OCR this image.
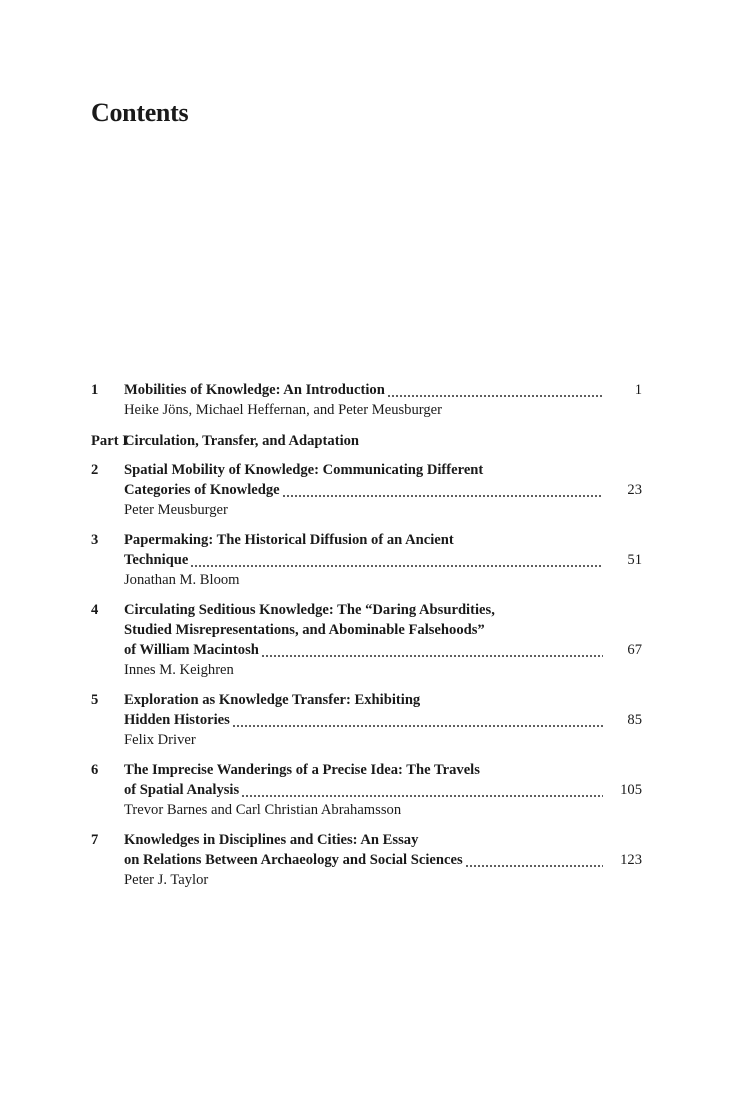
Contents
1	Mobilities of Knowledge: An Introduction	1
Heike Jöns, Michael Heffernan, and Peter Meusburger
Part ICirculation, Transfer, and Adaptation
2	Spatial Mobility of Knowledge: Communicating Different
Categories of Knowledge	23
Peter Meusburger
3	Papermaking: The Historical Diffusion of an Ancient
Technique	51
Jonathan M. Bloom
4	Circulating Seditious Knowledge: The “Daring Absurdities,
Studied Misrepresentations, and Abominable Falsehoods”
of William Macintosh	67
Innes M. Keighren
5	Exploration as Knowledge Transfer: Exhibiting
Hidden Histories	85
Felix Driver
6	The Imprecise Wanderings of a Precise Idea: The Travels
of Spatial Analysis	105
Trevor Barnes and Carl Christian Abrahamsson
7	Knowledges in Disciplines and Cities: An Essay
on Relations Between Archaeology and Social Sciences	123
Peter J. Taylor
